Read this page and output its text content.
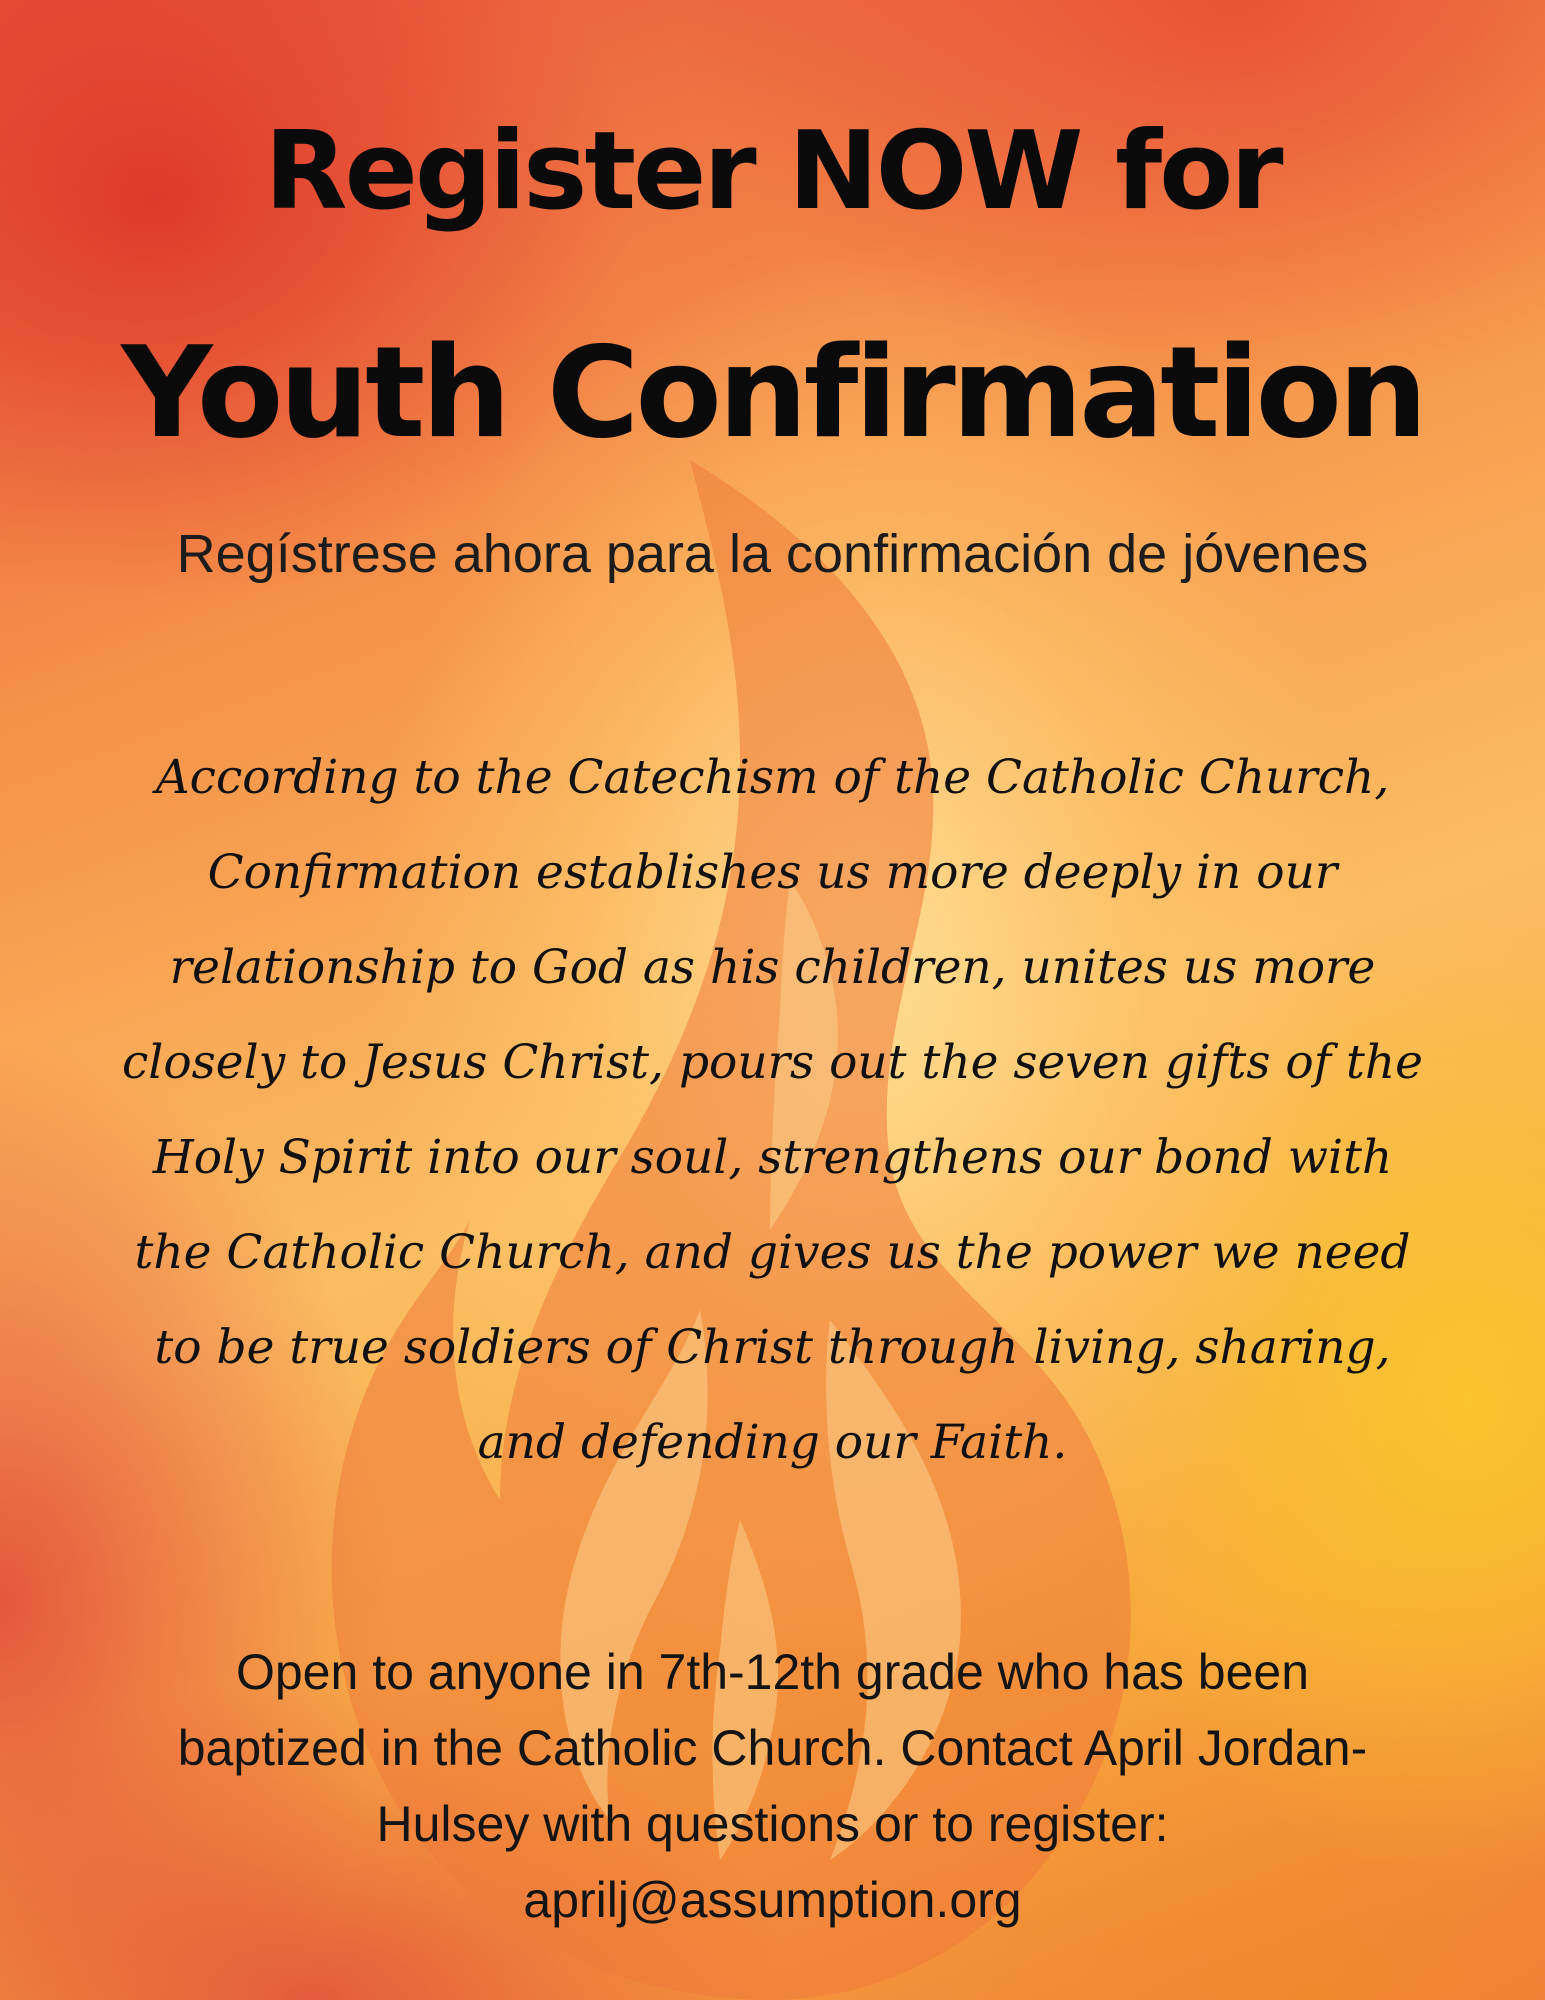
Register NOW for
Youth Confirmation
Regístrese ahora para la confirmación de jóvenes
According to the Catechism of the Catholic Church, Confirmation establishes us more deeply in our relationship to God as his children, unites us more closely to Jesus Christ, pours out the seven gifts of the Holy Spirit into our soul, strengthens our bond with the Catholic Church, and gives us the power we need to be true soldiers of Christ through living, sharing, and defending our Faith.
Open to anyone in 7th-12th grade who has been baptized in the Catholic Church. Contact April Jordan-Hulsey with questions or to register: aprilj@assumption.org
